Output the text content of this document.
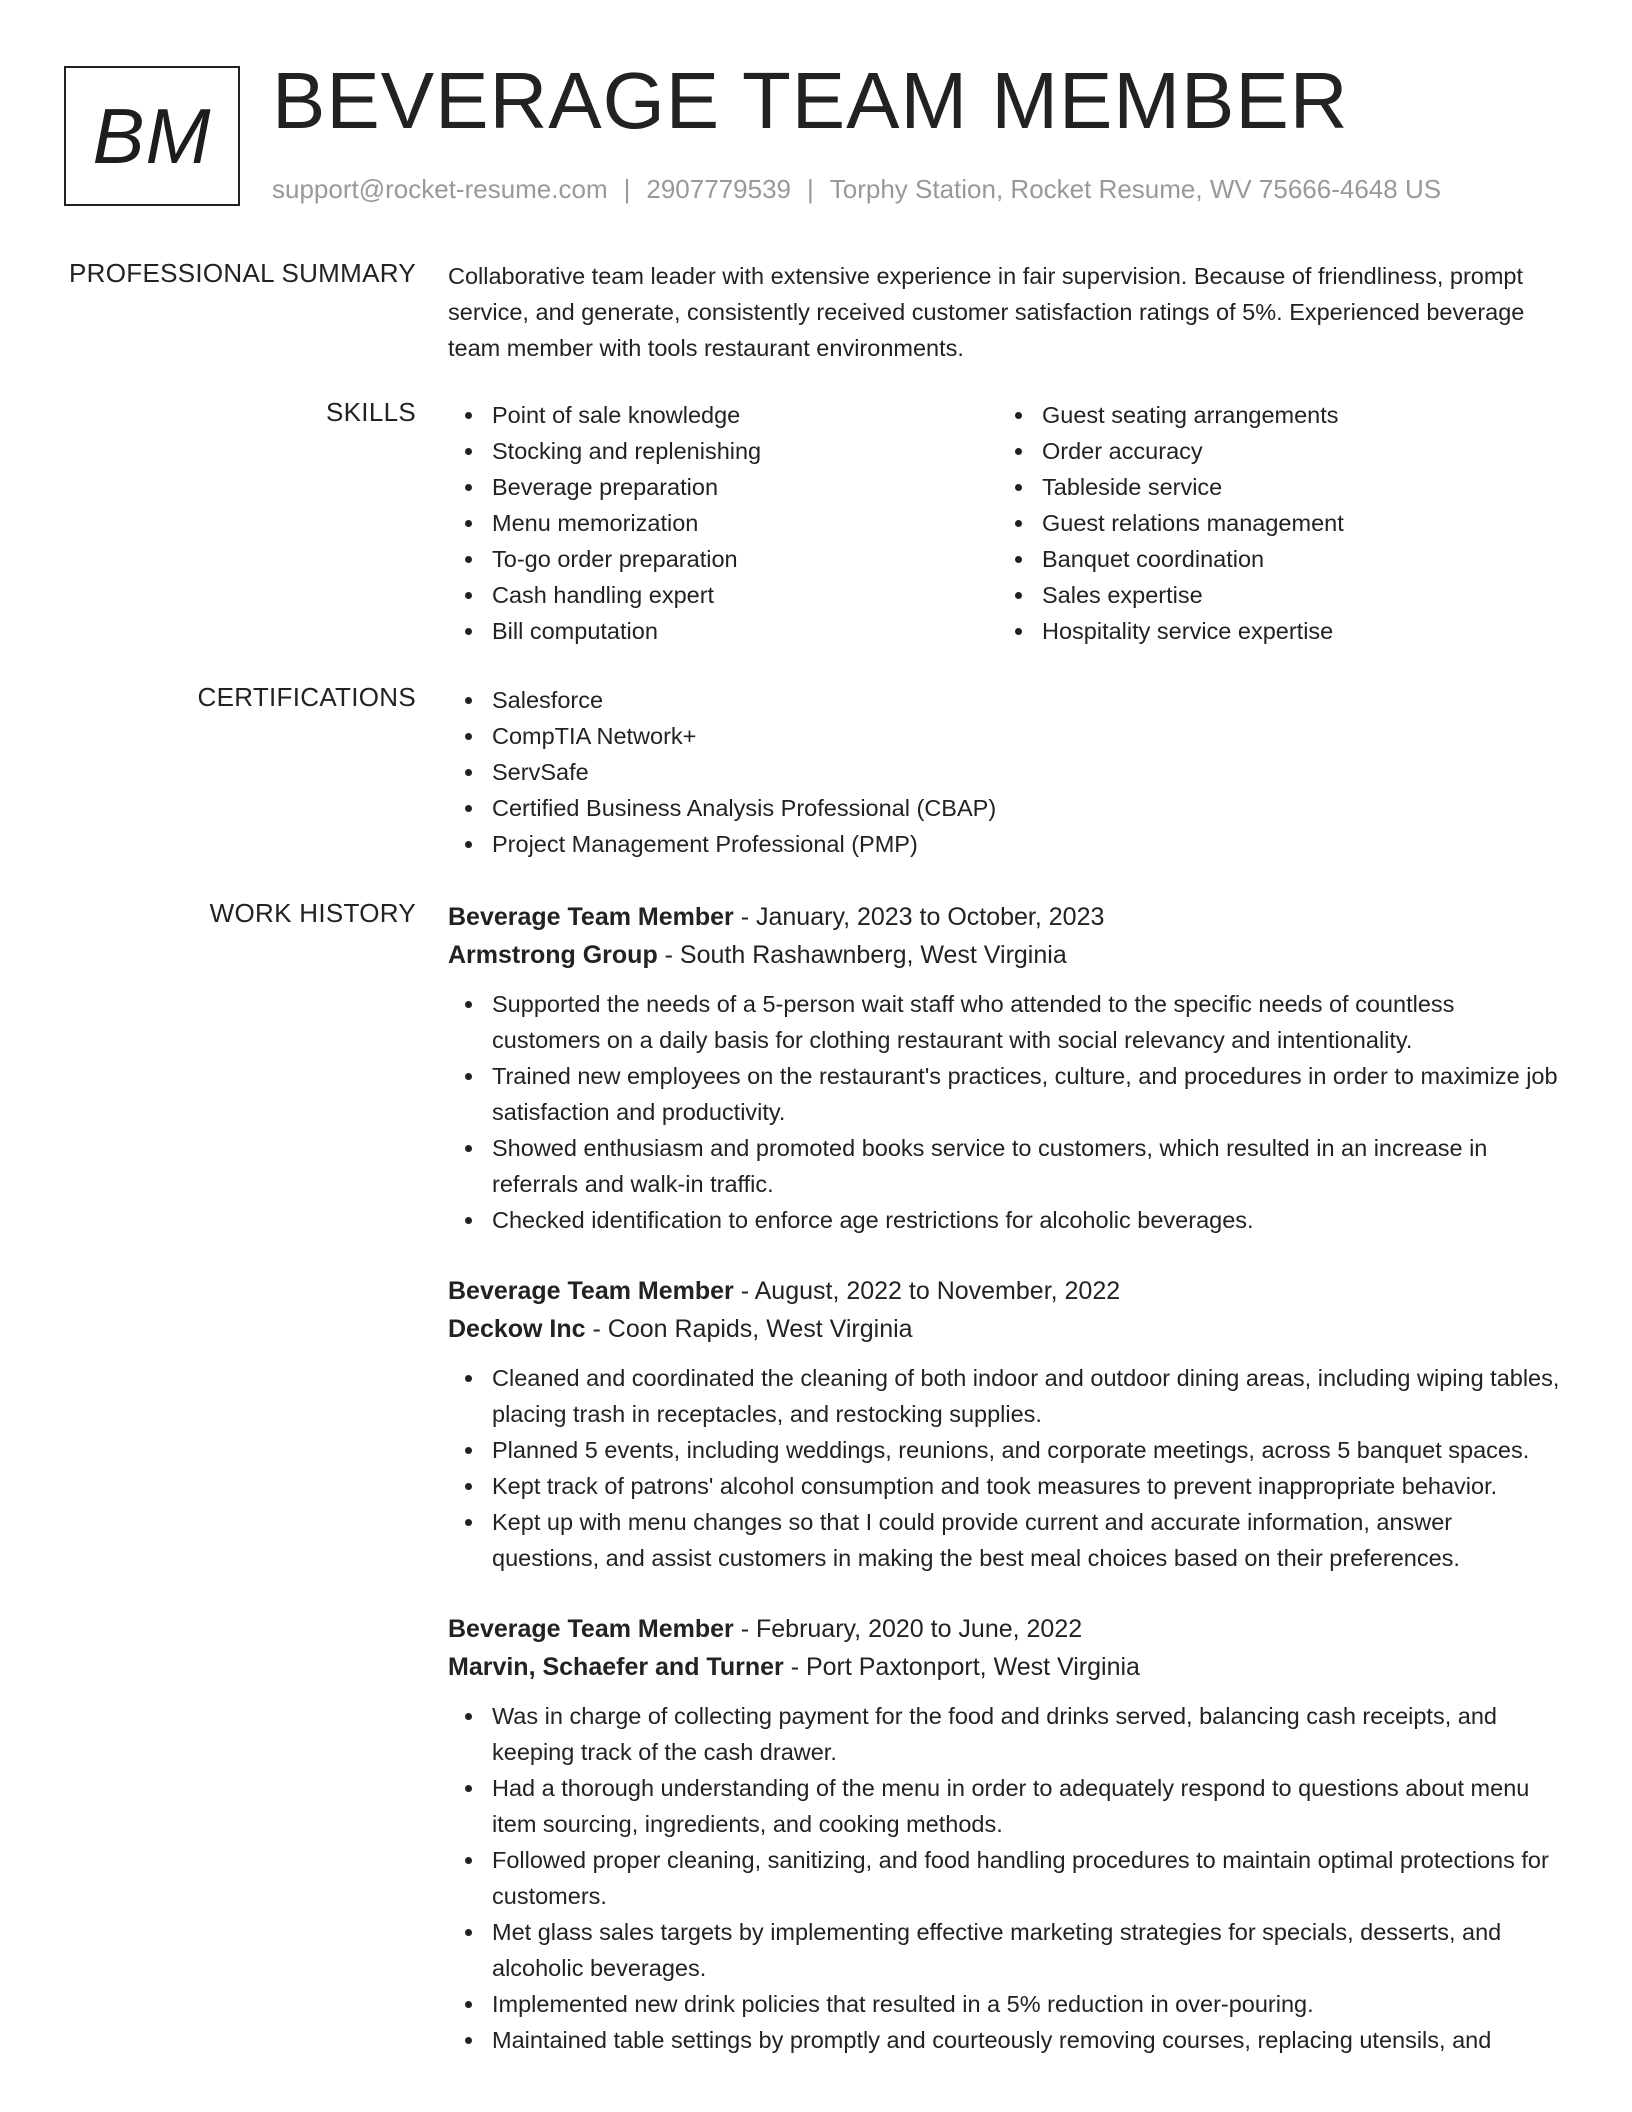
BM BEVERAGE TEAM MEMBER
support@rocket-resume.com | 2907779539 | Torphy Station, Rocket Resume, WV 75666-4648 US
PROFESSIONAL SUMMARY Collaborative team leader with extensive experience in fair supervision. Because of friendliness, prompt service, and generate, consistently received customer satisfaction ratings of 5%. Experienced beverage team member with tools restaurant environments.

SKILLS	Point of sale knowledge
Stocking and replenishing
Beverage preparation
Menu memorization
To-go order preparation
Cash handling expert
Bill computation
Guest seating arrangements
Order accuracy
Tableside service
Guest relations management
Banquet coordination
Sales expertise
Hospitality service expertise
CERTIFICATIONS	Salesforce
CompTIA Network+
ServSafe
Certified Business Analysis Professional (CBAP)
Project Management Professional (PMP)
WORK HISTORY Beverage Team Member - January, 2023 to October, 2023
Armstrong Group - South Rashawnberg, West Virginia
Supported the needs of a 5-person wait staff who attended to the specific needs of countless customers on a daily basis for clothing restaurant with social relevancy and intentionality.
Trained new employees on the restaurant's practices, culture, and procedures in order to maximize job satisfaction and productivity.
Showed enthusiasm and promoted books service to customers, which resulted in an increase in referrals and walk-in traffic.
Checked identification to enforce age restrictions for alcoholic beverages.
Beverage Team Member - August, 2022 to November, 2022
Deckow Inc - Coon Rapids, West Virginia
Cleaned and coordinated the cleaning of both indoor and outdoor dining areas, including wiping tables, placing trash in receptacles, and restocking supplies.
Planned 5 events, including weddings, reunions, and corporate meetings, across 5 banquet spaces.
Kept track of patrons' alcohol consumption and took measures to prevent inappropriate behavior.
Kept up with menu changes so that I could provide current and accurate information, answer questions, and assist customers in making the best meal choices based on their preferences.
Beverage Team Member - February, 2020 to June, 2022
Marvin, Schaefer and Turner - Port Paxtonport, West Virginia
Was in charge of collecting payment for the food and drinks served, balancing cash receipts, and keeping track of the cash drawer.
Had a thorough understanding of the menu in order to adequately respond to questions about menu item sourcing, ingredients, and cooking methods.
Followed proper cleaning, sanitizing, and food handling procedures to maintain optimal protections for customers.
Met glass sales targets by implementing effective marketing strategies for specials, desserts, and alcoholic beverages.
Implemented new drink policies that resulted in a 5% reduction in over-pouring.
Maintained table settings by promptly and courteously removing courses, replacing utensils, and
